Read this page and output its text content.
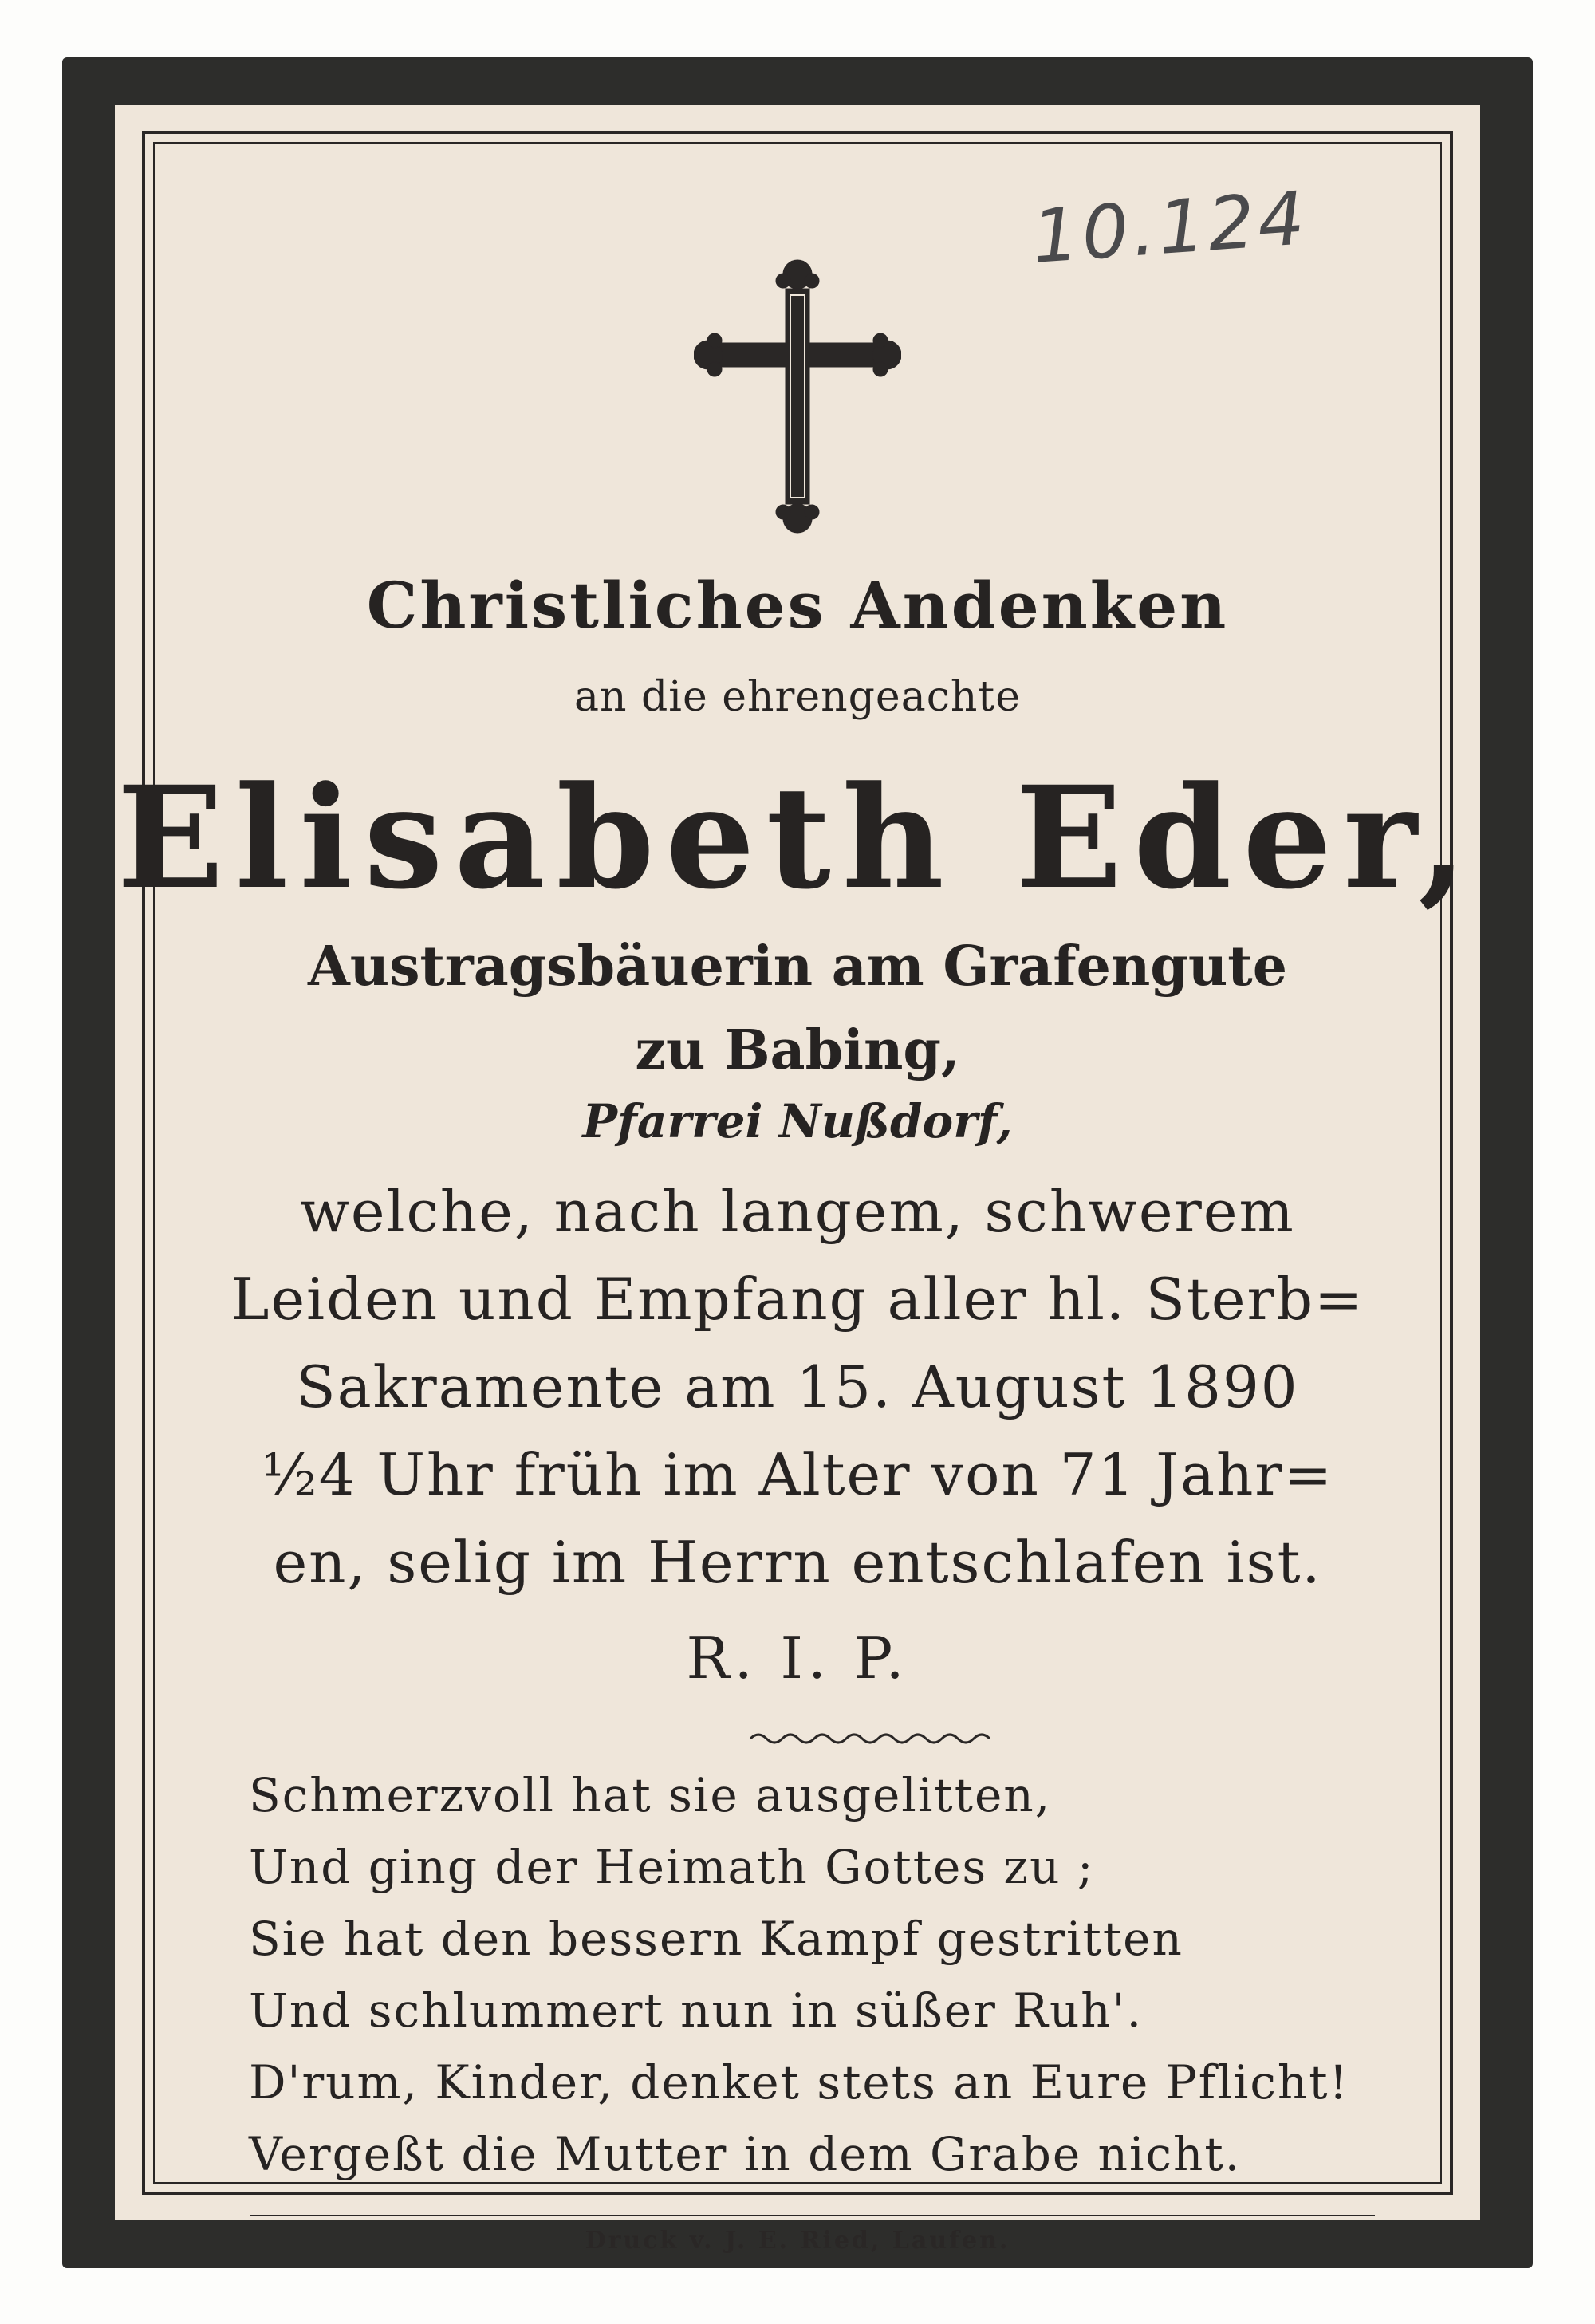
10.124
Christliches Andenken
an die ehrengeachte
Elisabeth Eder,
Austragsbäuerin am Grafengute
zu Babing,
Pfarrei Nußdorf,
welche, nach langem, schwerem
Leiden und Empfang aller hl. Sterb=
Sakramente am 15. August 1890
½4 Uhr früh im Alter von 71 Jahr=
en, selig im Herrn entschlafen ist.
R. I. P.
Schmerzvoll hat sie ausgelitten,
Und ging der Heimath Gottes zu ;
Sie hat den bessern Kampf gestritten
Und schlummert nun in süßer Ruh'.
D'rum, Kinder, denket stets an Eure Pflicht!
Vergeßt die Mutter in dem Grabe nicht.
Druck v. J. E. Ried, Laufen.
